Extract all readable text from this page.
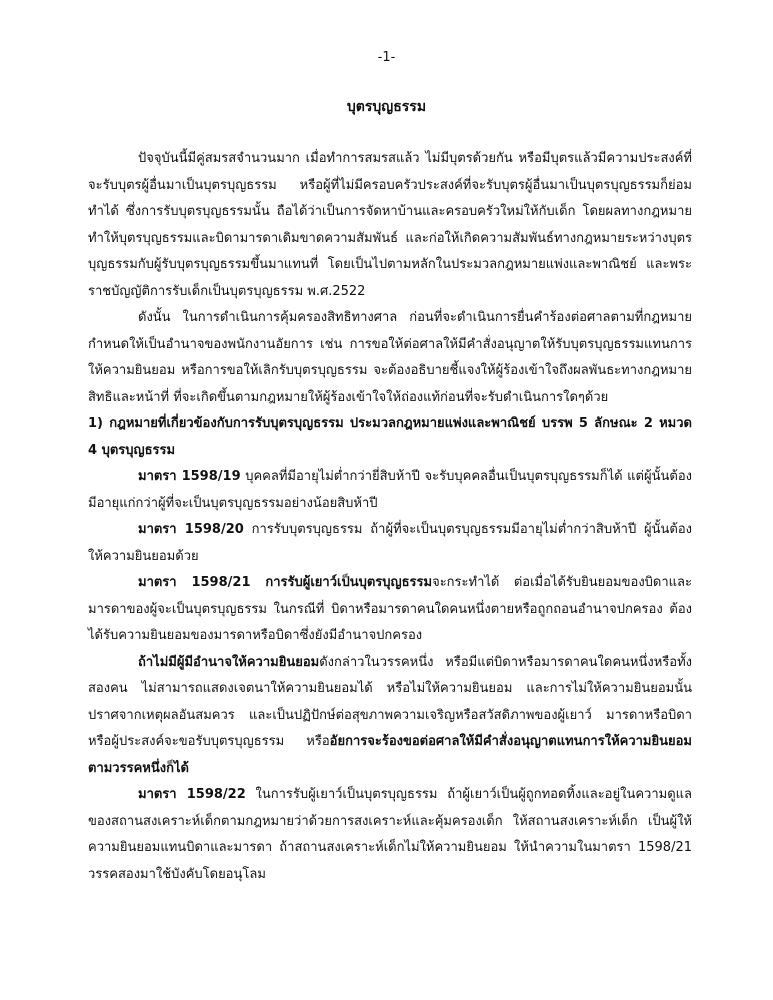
-1-
บุตรบุญธรรม

ปัจจุบันนี้มีคู่สมรสจำนวนมาก เมื่อทำการสมรสแล้ว ไม่มีบุตรด้วยกัน หรือมีบุตรแล้วมีความประสงค์ที่จะรับบุตรผู้อื่นมาเป็นบุตรบุญธรรม หรือผู้ที่ไม่มีครอบครัวประสงค์ที่จะรับบุตรผู้อื่นมาเป็นบุตรบุญธรรมก็ย่อมทำได้ ซึ่งการรับบุตรบุญธรรมนั้น ถือได้ว่าเป็นการจัดหาบ้านและครอบครัวใหม่ให้กับเด็ก โดยผลทางกฎหมายทำให้บุตรบุญธรรมและบิดามารดาเดิมขาดความสัมพันธ์ และก่อให้เกิดความสัมพันธ์ทางกฎหมายระหว่างบุตรบุญธรรมกับผู้รับบุตรบุญธรรมขึ้นมาแทนที่ โดยเป็นไปตามหลักในประมวลกฎหมายแพ่งและพาณิชย์ และพระราชบัญญัติการรับเด็กเป็นบุตรบุญธรรม พ.ศ.2522

ดังนั้น ในการดำเนินการคุ้มครองสิทธิทางศาล ก่อนที่จะดำเนินการยื่นคำร้องต่อศาลตามที่กฎหมายกำหนดให้เป็นอำนาจของพนักงานอัยการ เช่น การขอให้ต่อศาลให้มีคำสั่งอนุญาตให้รับบุตรบุญธรรมแทนการให้ความยินยอม หรือการขอให้เลิกรับบุตรบุญธรรม จะต้องอธิบายชี้แจงให้ผู้ร้องเข้าใจถึงผลพันธะทางกฎหมาย สิทธิและหน้าที่ ที่จะเกิดขึ้นตามกฎหมายให้ผู้ร้องเข้าใจให้ถ่องแท้ก่อนที่จะรับดำเนินการใดๆด้วย

1) กฎหมายที่เกี่ยวข้องกับการรับบุตรบุญธรรม ประมวลกฎหมายแพ่งและพาณิชย์ บรรพ 5 ลักษณะ 2 หมวด 4 บุตรบุญธรรม

มาตรา 1598/19 บุคคลที่มีอายุไม่ต่ำกว่ายี่สิบห้าปี จะรับบุคคลอื่นเป็นบุตรบุญธรรมก็ได้ แต่ผู้นั้นต้องมีอายุแก่กว่าผู้ที่จะเป็นบุตรบุญธรรมอย่างน้อยสิบห้าปี

มาตรา 1598/20 การรับบุตรบุญธรรม ถ้าผู้ที่จะเป็นบุตรบุญธรรมมีอายุไม่ต่ำกว่าสิบห้าปี ผู้นั้นต้องให้ความยินยอมด้วย

มาตรา 1598/21 การรับผู้เยาว์เป็นบุตรบุญธรรมจะกระทำได้ ต่อเมื่อได้รับยินยอมของบิดาและมารดาของผู้จะเป็นบุตรบุญธรรม ในกรณีที่ บิดาหรือมารดาคนใดคนหนึ่งตายหรือถูกถอนอำนาจปกครอง ต้องได้รับความยินยอมของมารดาหรือบิดาซึ่งยังมีอำนาจปกครอง

ถ้าไม่มีผู้มีอำนาจให้ความยินยอมดังกล่าวในวรรคหนึ่ง หรือมีแต่บิดาหรือมารดาคนใดคนหนึ่งหรือทั้งสองคน ไม่สามารถแสดงเจตนาให้ความยินยอมได้ หรือไม่ให้ความยินยอม และการไม่ให้ความยินยอมนั้นปราศจากเหตุผลอันสมควร และเป็นปฏิปักษ์ต่อสุขภาพความเจริญหรือสวัสดิภาพของผู้เยาว์ มารดาหรือบิดาหรือผู้ประสงค์จะขอรับบุตรบุญธรรม หรืออัยการจะร้องขอต่อศาลให้มีคำสั่งอนุญาตแทนการให้ความยินยอมตามวรรคหนึ่งก็ได้

มาตรา 1598/22 ในการรับผู้เยาว์เป็นบุตรบุญธรรม ถ้าผู้เยาว์เป็นผู้ถูกทอดทิ้งและอยู่ในความดูแลของสถานสงเคราะห์เด็กตามกฎหมายว่าด้วยการสงเคราะห์และคุ้มครองเด็ก ให้สถานสงเคราะห์เด็ก เป็นผู้ให้ความยินยอมแทนบิดาและมารดา ถ้าสถานสงเคราะห์เด็กไม่ให้ความยินยอม ให้นำความในมาตรา 1598/21 วรรคสองมาใช้บังคับโดยอนุโลม
